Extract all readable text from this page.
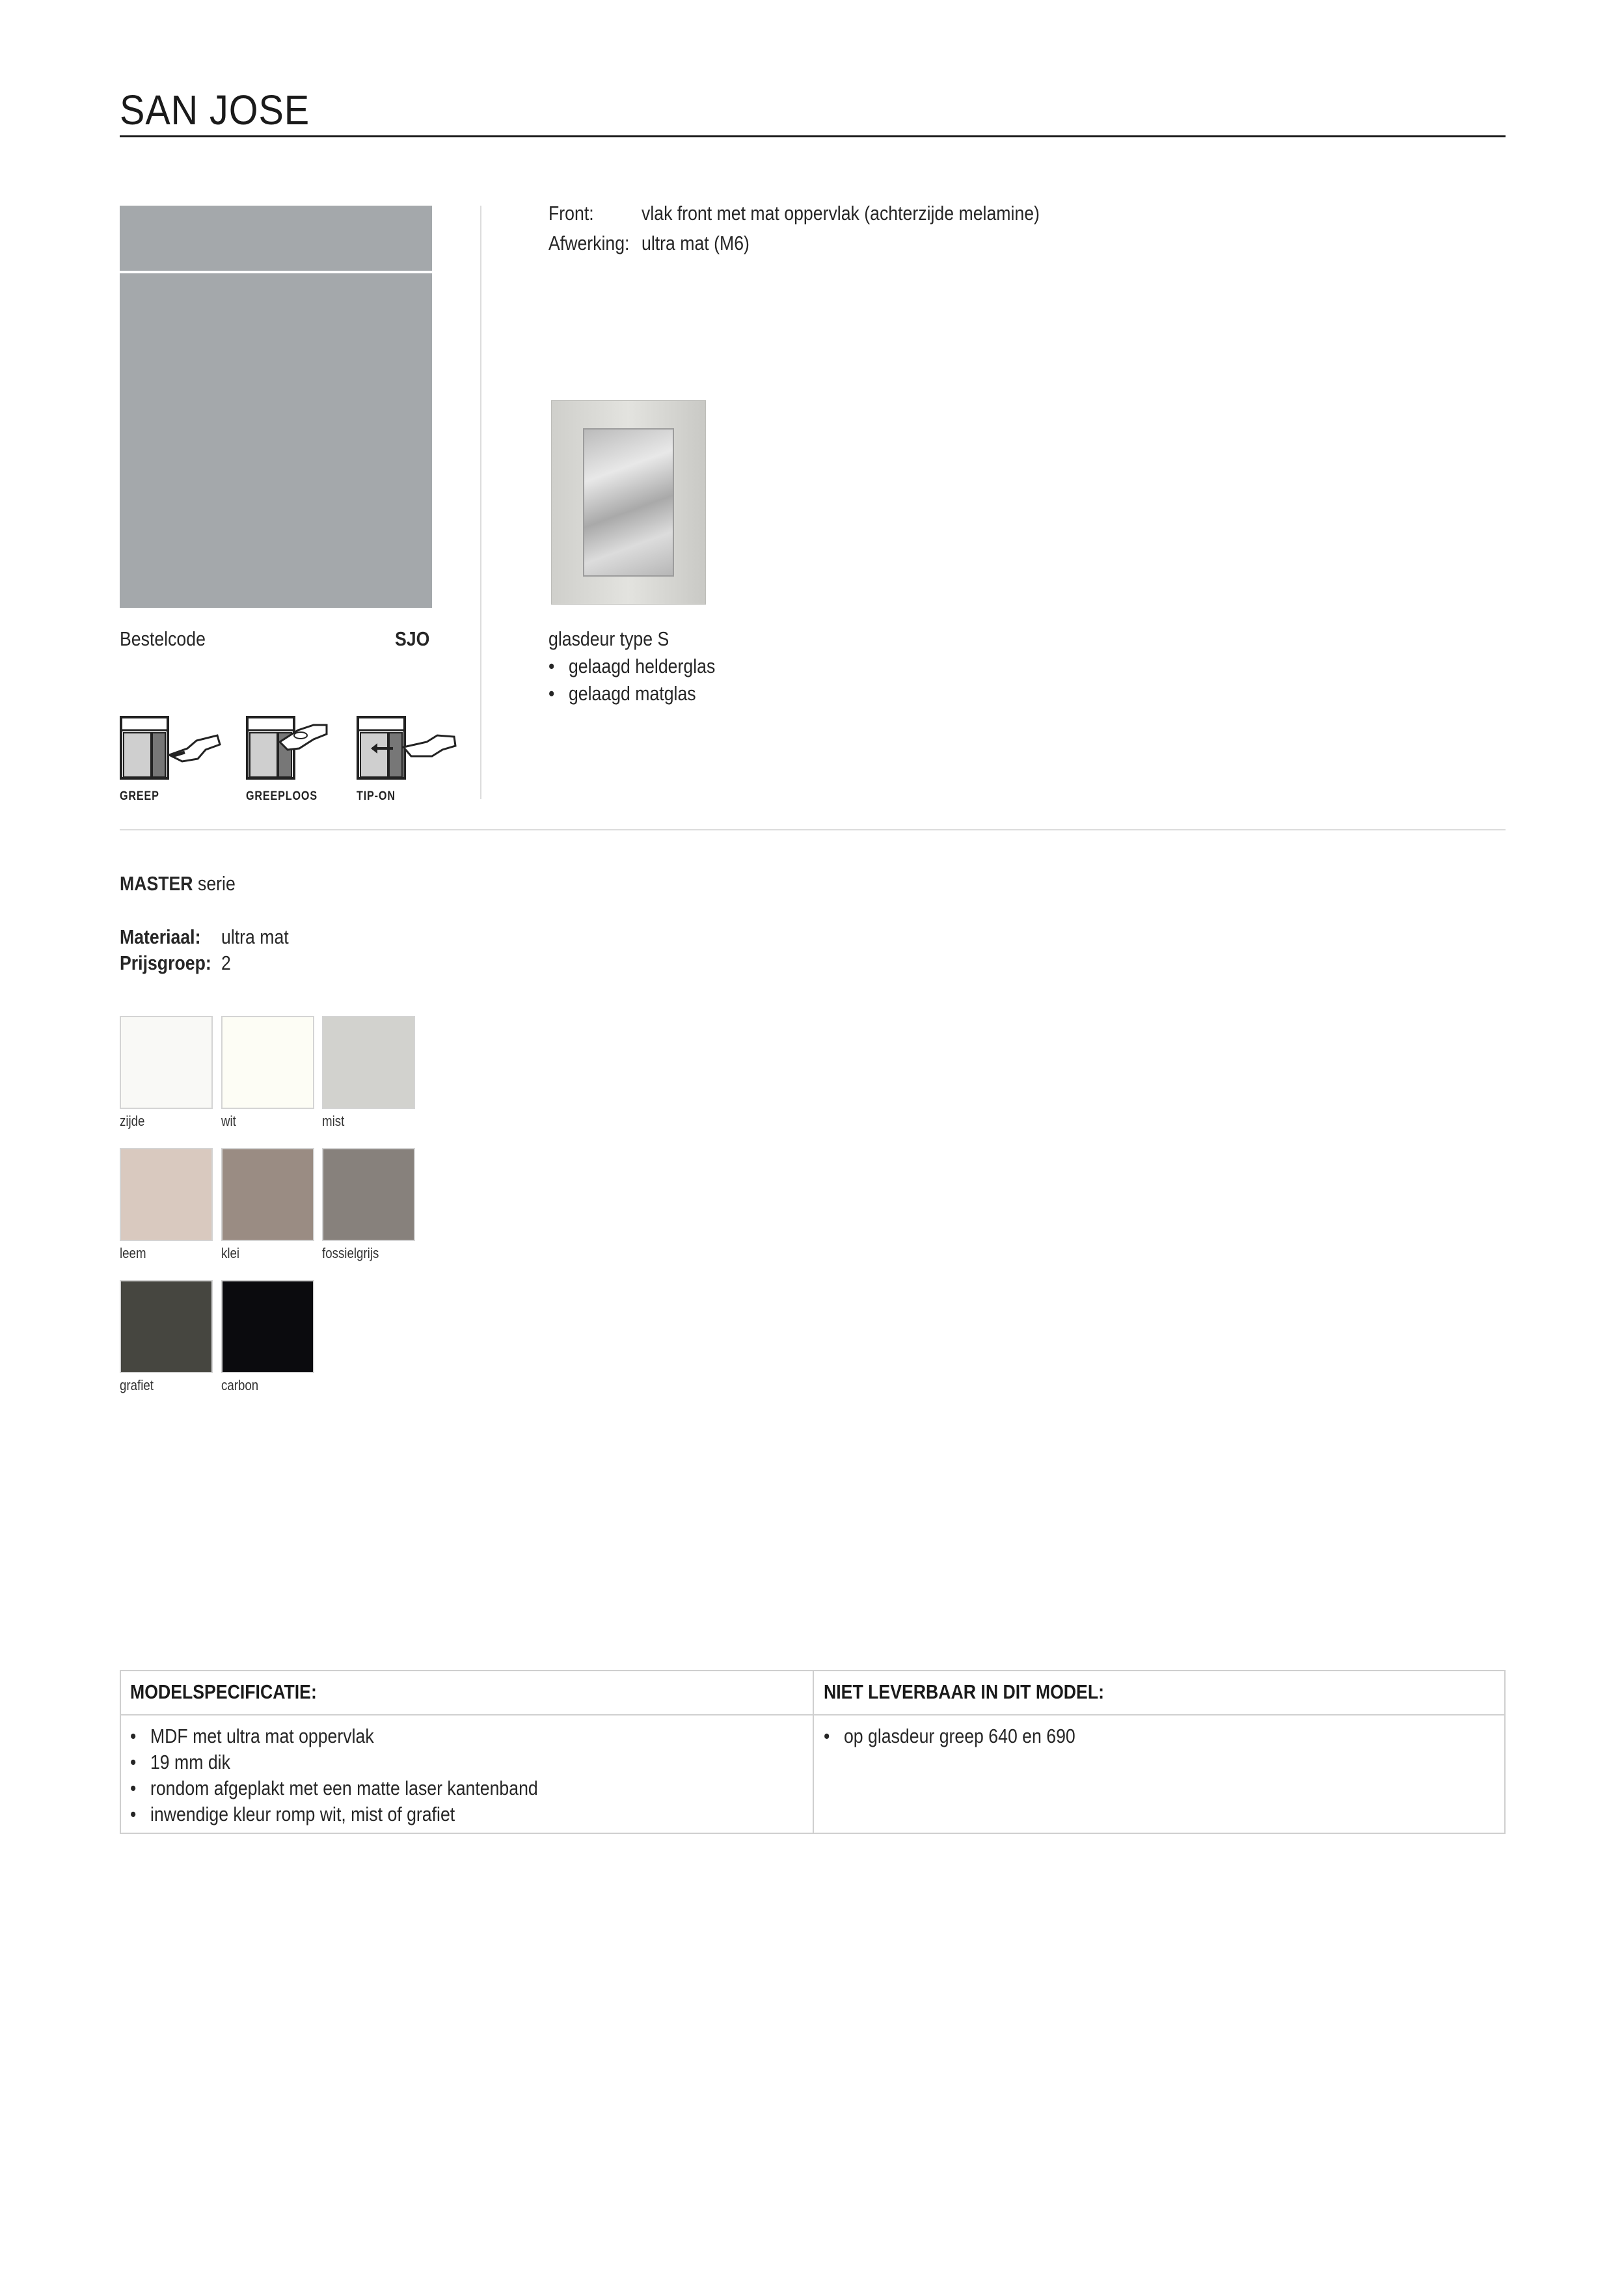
SAN JOSE
Bestelcode	SJO
GREEP	GREEPLOOS	TIP-ON
Front: vlak front met mat oppervlak (achterzijde melamine)
Afwerking: ultra mat (M6)
glasdeur type S
• gelaagd helderglas
• gelaagd matglas
MASTER serie
Materiaal: ultra mat
Prijsgroep: 2
zijde	wit	mist
leem	klei	fossielgrijs
grafiet	carbon
MODELSPECIFICATIE:	NIET LEVERBAAR IN DIT MODEL:
• MDF met ultra mat oppervlak
• 19 mm dik
• rondom afgeplakt met een matte laser kantenband
• inwendige kleur romp wit, mist of grafiet
• op glasdeur greep 640 en 690
